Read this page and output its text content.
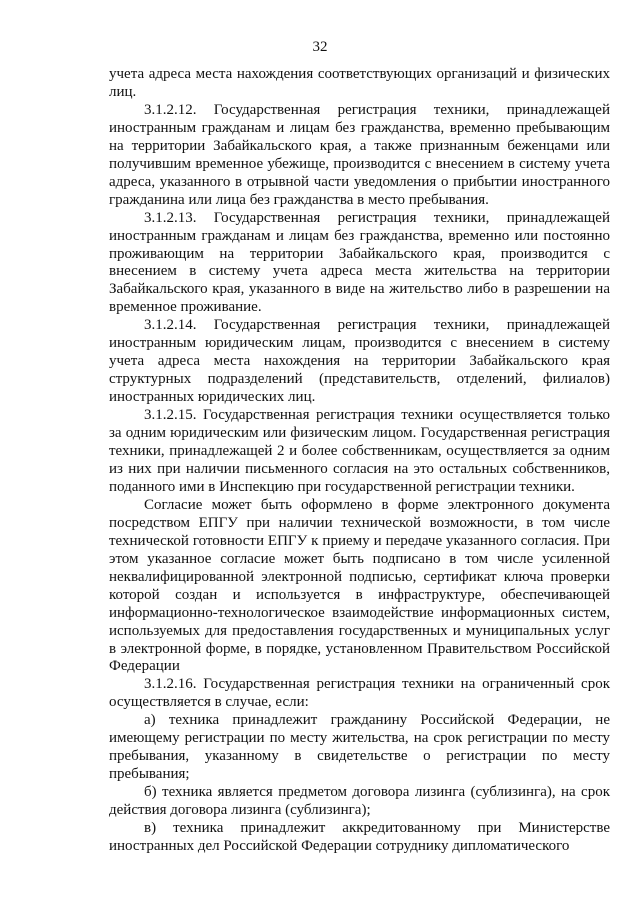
32

учета адреса места нахождения соответствующих организаций и физических лиц.

3.1.2.12. Государственная регистрация техники, принадлежащей иностранным гражданам и лицам без гражданства, временно пребывающим на территории Забайкальского края, а также признанным беженцами или получившим временное убежище, производится с внесением в систему учета адреса, указанного в отрывной части уведомления о прибытии иностранного гражданина или лица без гражданства в место пребывания.

3.1.2.13. Государственная регистрация техники, принадлежащей иностранным гражданам и лицам без гражданства, временно или постоянно проживающим на территории Забайкальского края, производится с внесением в систему учета адреса места жительства на территории Забайкальского края, указанного в виде на жительство либо в разрешении на временное проживание.

3.1.2.14. Государственная регистрация техники, принадлежащей иностранным юридическим лицам, производится с внесением в систему учета адреса места нахождения на территории Забайкальского края структурных подразделений (представительств, отделений, филиалов) иностранных юридических лиц.

3.1.2.15. Государственная регистрация техники осуществляется только за одним юридическим или физическим лицом. Государственная регистрация техники, принадлежащей 2 и более собственникам, осуществляется за одним из них при наличии письменного согласия на это остальных собственников, поданного ими в Инспекцию при государственной регистрации техники.

Согласие может быть оформлено в форме электронного документа посредством ЕПГУ при наличии технической возможности, в том числе технической готовности ЕПГУ к приему и передаче указанного согласия. При этом указанное согласие может быть подписано в том числе усиленной неквалифицированной электронной подписью, сертификат ключа проверки которой создан и используется в инфраструктуре, обеспечивающей информационно-технологическое взаимодействие информационных систем, используемых для предоставления государственных и муниципальных услуг в электронной форме, в порядке, установленном Правительством Российской Федерации

3.1.2.16. Государственная регистрация техники на ограниченный срок осуществляется в случае, если:

а) техника принадлежит гражданину Российской Федерации, не имеющему регистрации по месту жительства, на срок регистрации по месту пребывания, указанному в свидетельстве о регистрации по месту пребывания;

б) техника является предметом договора лизинга (сублизинга), на срок действия договора лизинга (сублизинга);

в) техника принадлежит аккредитованному при Министерстве иностранных дел Российской Федерации сотруднику дипломатического
